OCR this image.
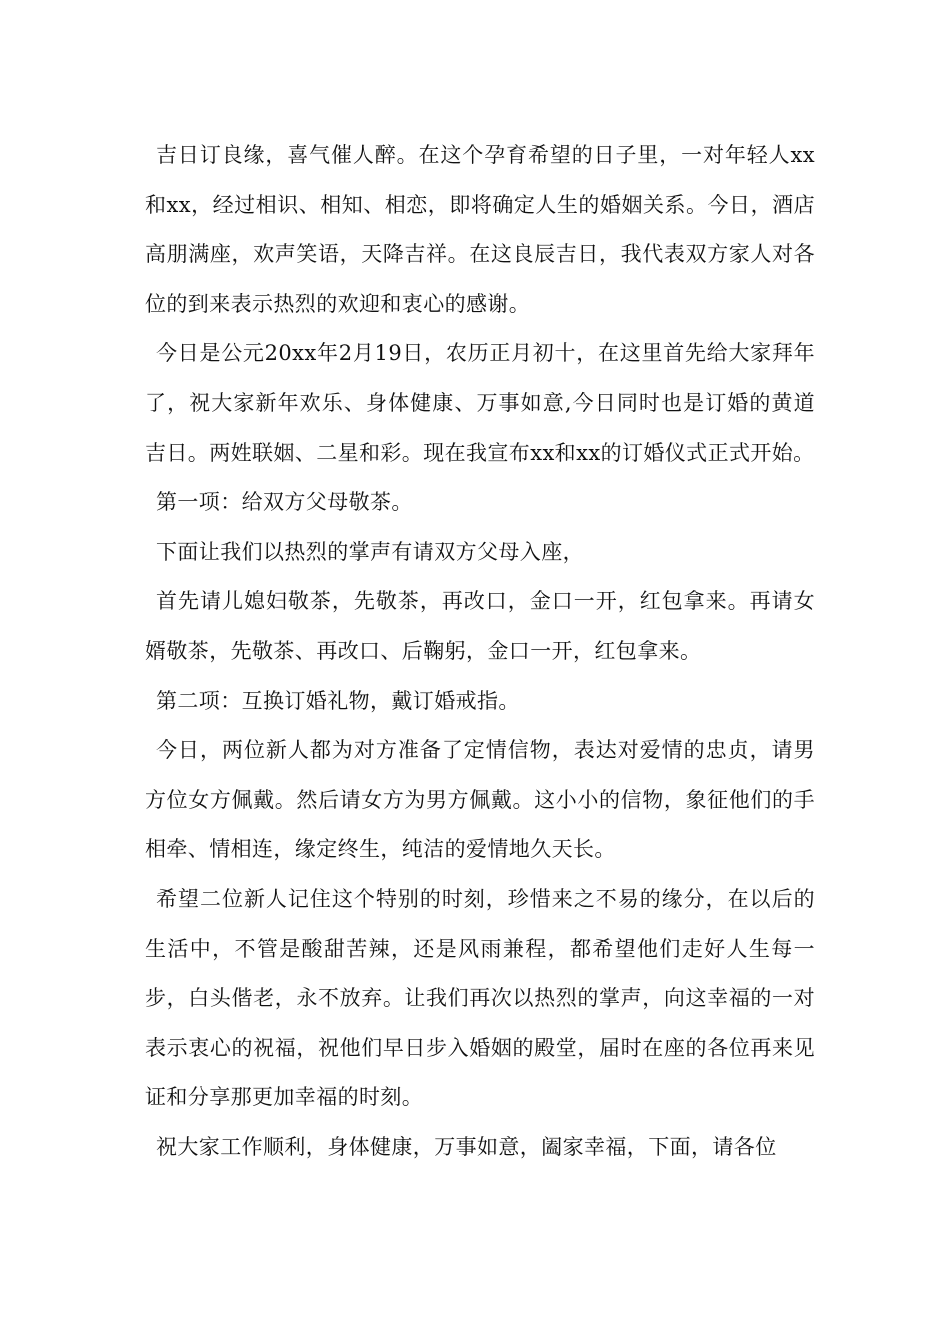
吉日订良缘，喜气催人醉。在这个孕育希望的日子里，一对年轻人xx和xx，经过相识、相知、相恋，即将确定人生的婚姻关系。今日，酒店高朋满座，欢声笑语，天降吉祥。在这良辰吉日，我代表双方家人对各位的到来表示热烈的欢迎和衷心的感谢。

今日是公元20xx年2月19日，农历正月初十，在这里首先给大家拜年了，祝大家新年欢乐、身体健康、万事如意,今日同时也是订婚的黄道吉日。两姓联姻、二星和彩。现在我宣布xx和xx的订婚仪式正式开始。

第一项：给双方父母敬茶。

下面让我们以热烈的掌声有请双方父母入座，

首先请儿媳妇敬茶，先敬茶，再改口，金口一开，红包拿来。再请女婿敬茶，先敬茶、再改口、后鞠躬，金口一开，红包拿来。

第二项：互换订婚礼物，戴订婚戒指。

今日，两位新人都为对方准备了定情信物，表达对爱情的忠贞，请男方位女方佩戴。然后请女方为男方佩戴。这小小的信物，象征他们的手相牵、情相连，缘定终生，纯洁的爱情地久天长。

希望二位新人记住这个特别的时刻，珍惜来之不易的缘分，在以后的生活中，不管是酸甜苦辣，还是风雨兼程，都希望他们走好人生每一步，白头偕老，永不放弃。让我们再次以热烈的掌声，向这幸福的一对表示衷心的祝福，祝他们早日步入婚姻的殿堂，届时在座的各位再来见证和分享那更加幸福的时刻。

祝大家工作顺利，身体健康，万事如意，阖家幸福，下面，请各位
